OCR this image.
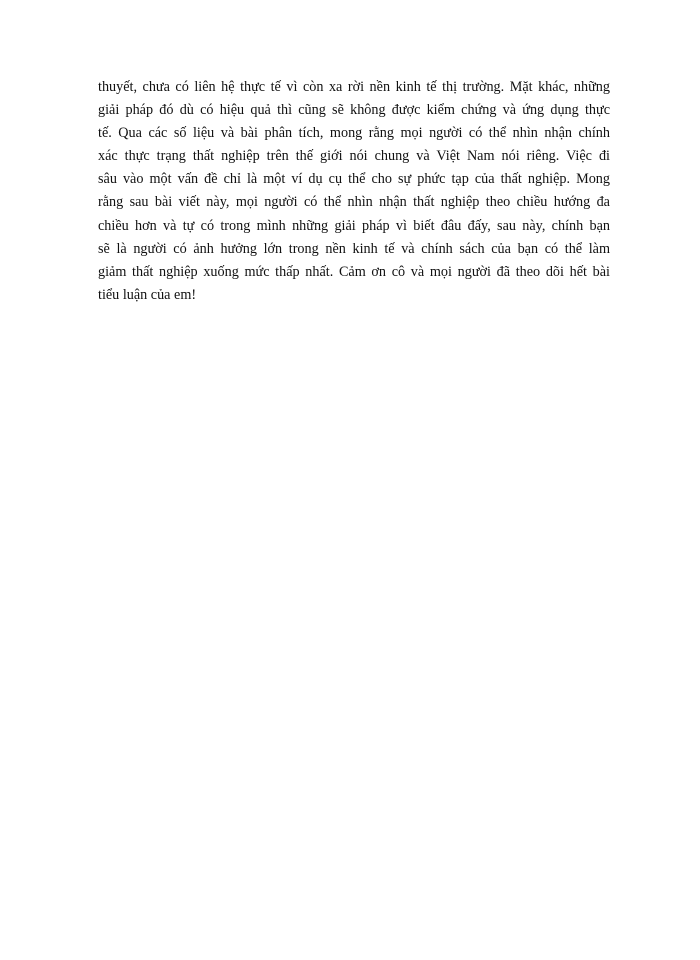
thuyết, chưa có liên hệ thực tế vì còn xa rời nền kinh tế thị trường. Mặt khác, những
giải pháp đó dù có hiệu quả thì cũng sẽ không được kiểm chứng và ứng dụng thực
tế. Qua các số liệu và bài phân tích, mong rằng mọi người có thể nhìn nhận chính
xác thực trạng thất nghiệp trên thế giới nói chung và Việt Nam nói riêng. Việc đi
sâu vào một vấn đề chỉ là một ví dụ cụ thể cho sự phức tạp của thất nghiệp. Mong
rằng sau bài viết này, mọi người có thể nhìn nhận thất nghiệp theo chiều hướng đa
chiều hơn và tự có trong mình những giải pháp vì biết đâu đấy, sau này, chính bạn
sẽ là người có ảnh hưởng lớn trong nền kinh tế và chính sách của bạn có thể làm
giảm thất nghiệp xuống mức thấp nhất. Cảm ơn cô và mọi người đã theo dõi hết bài
tiểu luận của em!
